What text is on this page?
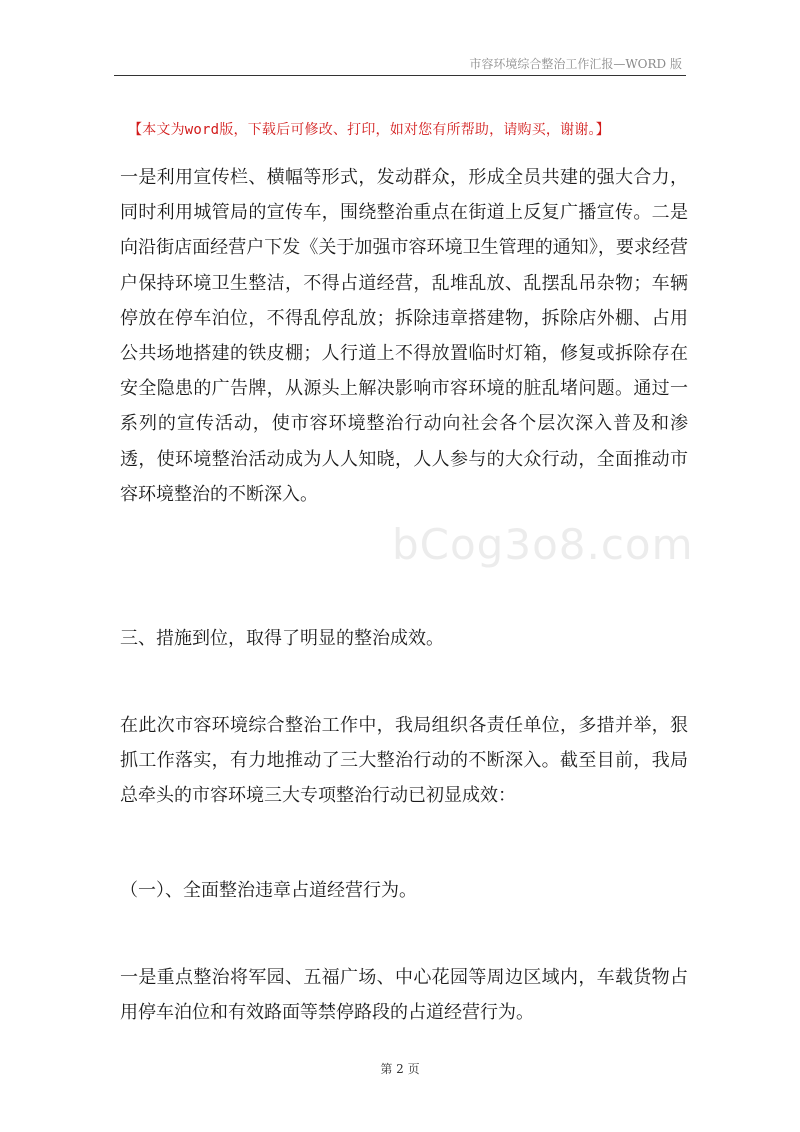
市容环境综合整治工作汇报—WORD 版
【本文为word版，下载后可修改、打印，如对您有所帮助，请购买，谢谢。】
一是利用宣传栏、横幅等形式，发动群众，形成全员共建的强大合力，同时利用城管局的宣传车，围绕整治重点在街道上反复广播宣传。二是向沿街店面经营户下发《关于加强市容环境卫生管理的通知》，要求经营户保持环境卫生整洁，不得占道经营，乱堆乱放、乱摆乱吊杂物；车辆停放在停车泊位，不得乱停乱放；拆除违章搭建物，拆除店外棚、占用公共场地搭建的铁皮棚；人行道上不得放置临时灯箱，修复或拆除存在安全隐患的广告牌，从源头上解决影响市容环境的脏乱堵问题。通过一系列的宣传活动，使市容环境整治行动向社会各个层次深入普及和渗透，使环境整治活动成为人人知晓，人人参与的大众行动，全面推动市容环境整治的不断深入。
bCog3o8.com
三、措施到位，取得了明显的整治成效。
在此次市容环境综合整治工作中，我局组织各责任单位，多措并举，狠抓工作落实，有力地推动了三大整治行动的不断深入。截至目前，我局总牵头的市容环境三大专项整治行动已初显成效：
（一）、全面整治违章占道经营行为。
一是重点整治将军园、五福广场、中心花园等周边区域内，车载货物占用停车泊位和有效路面等禁停路段的占道经营行为。
第 2 页
